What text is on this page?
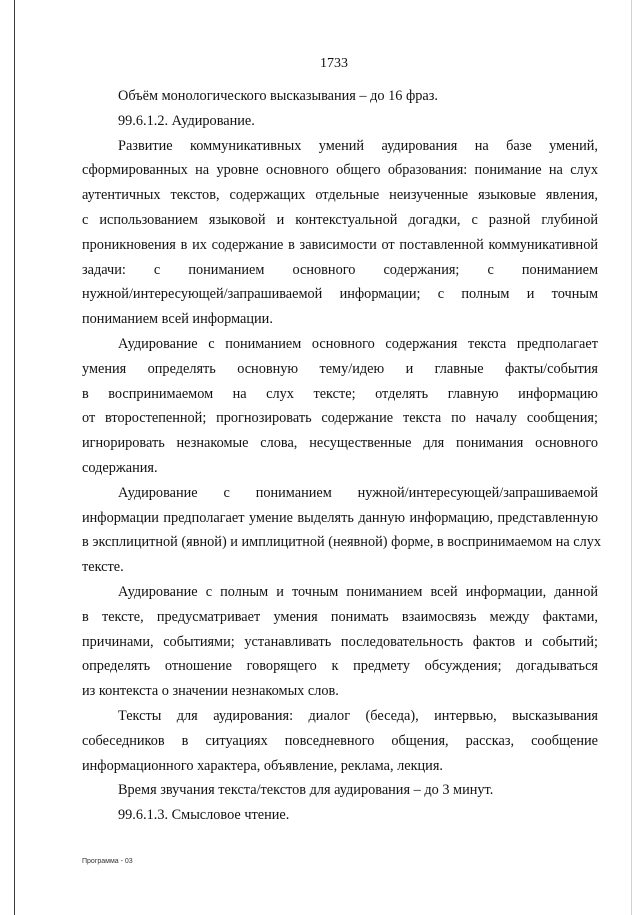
1733
Объём монологического высказывания – до 16 фраз.
99.6.1.2. Аудирование.
Развитие коммуникативных умений аудирования на базе умений,
сформированных на уровне основного общего образования: понимание на слух
аутентичных текстов, содержащих отдельные неизученные языковые явления,
с использованием языковой и контекстуальной догадки, с разной глубиной
проникновения в их содержание в зависимости от поставленной коммуникативной
задачи: с пониманием основного содержания; с пониманием
нужной/интересующей/запрашиваемой информации; с полным и точным
пониманием всей информации.
Аудирование с пониманием основного содержания текста предполагает
умения определять основную тему/идею и главные факты/события
в воспринимаемом на слух тексте; отделять главную информацию
от второстепенной; прогнозировать содержание текста по началу сообщения;
игнорировать незнакомые слова, несущественные для понимания основного
содержания.
Аудирование с пониманием нужной/интересующей/запрашиваемой
информации предполагает умение выделять данную информацию, представленную
в эксплицитной (явной) и имплицитной (неявной) форме, в воспринимаемом на слух
тексте.
Аудирование с полным и точным пониманием всей информации, данной
в тексте, предусматривает умения понимать взаимосвязь между фактами,
причинами, событиями; устанавливать последовательность фактов и событий;
определять отношение говорящего к предмету обсуждения; догадываться
из контекста о значении незнакомых слов.
Тексты для аудирования: диалог (беседа), интервью, высказывания
собеседников в ситуациях повседневного общения, рассказ, сообщение
информационного характера, объявление, реклама, лекция.
Время звучания текста/текстов для аудирования – до 3 минут.
99.6.1.3. Смысловое чтение.
Программа - 03
